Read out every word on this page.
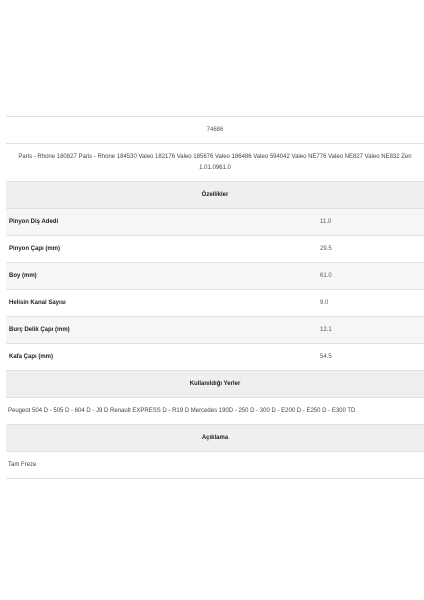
74686
Paris - Rhone 180827 Paris - Rhone 184530 Valeo 182176 Valeo 185676 Valeo 186486 Valeo 594042 Valeo NE776 Valeo NE827 Valeo NE832 Zen 1.01.0961.0
Özellikler
Pinyon Diş Adedi	11.0
Pinyon Çapı (mm)	29.5
Boy (mm)	61.0
Helisin Kanal Sayısı	9.0
Burç Delik Çapı (mm)	12.1
Kafa Çapı (mm)	54.5
Kullanıldığı Yerler
Peugeot 504 D - 505 D - 604 D - J9 D Renault EXPRESS D - R19 D Mercedes 190D - 250 D - 300 D - E200 D - E250 D - E300 TD
Açıklama
Tam Freze
